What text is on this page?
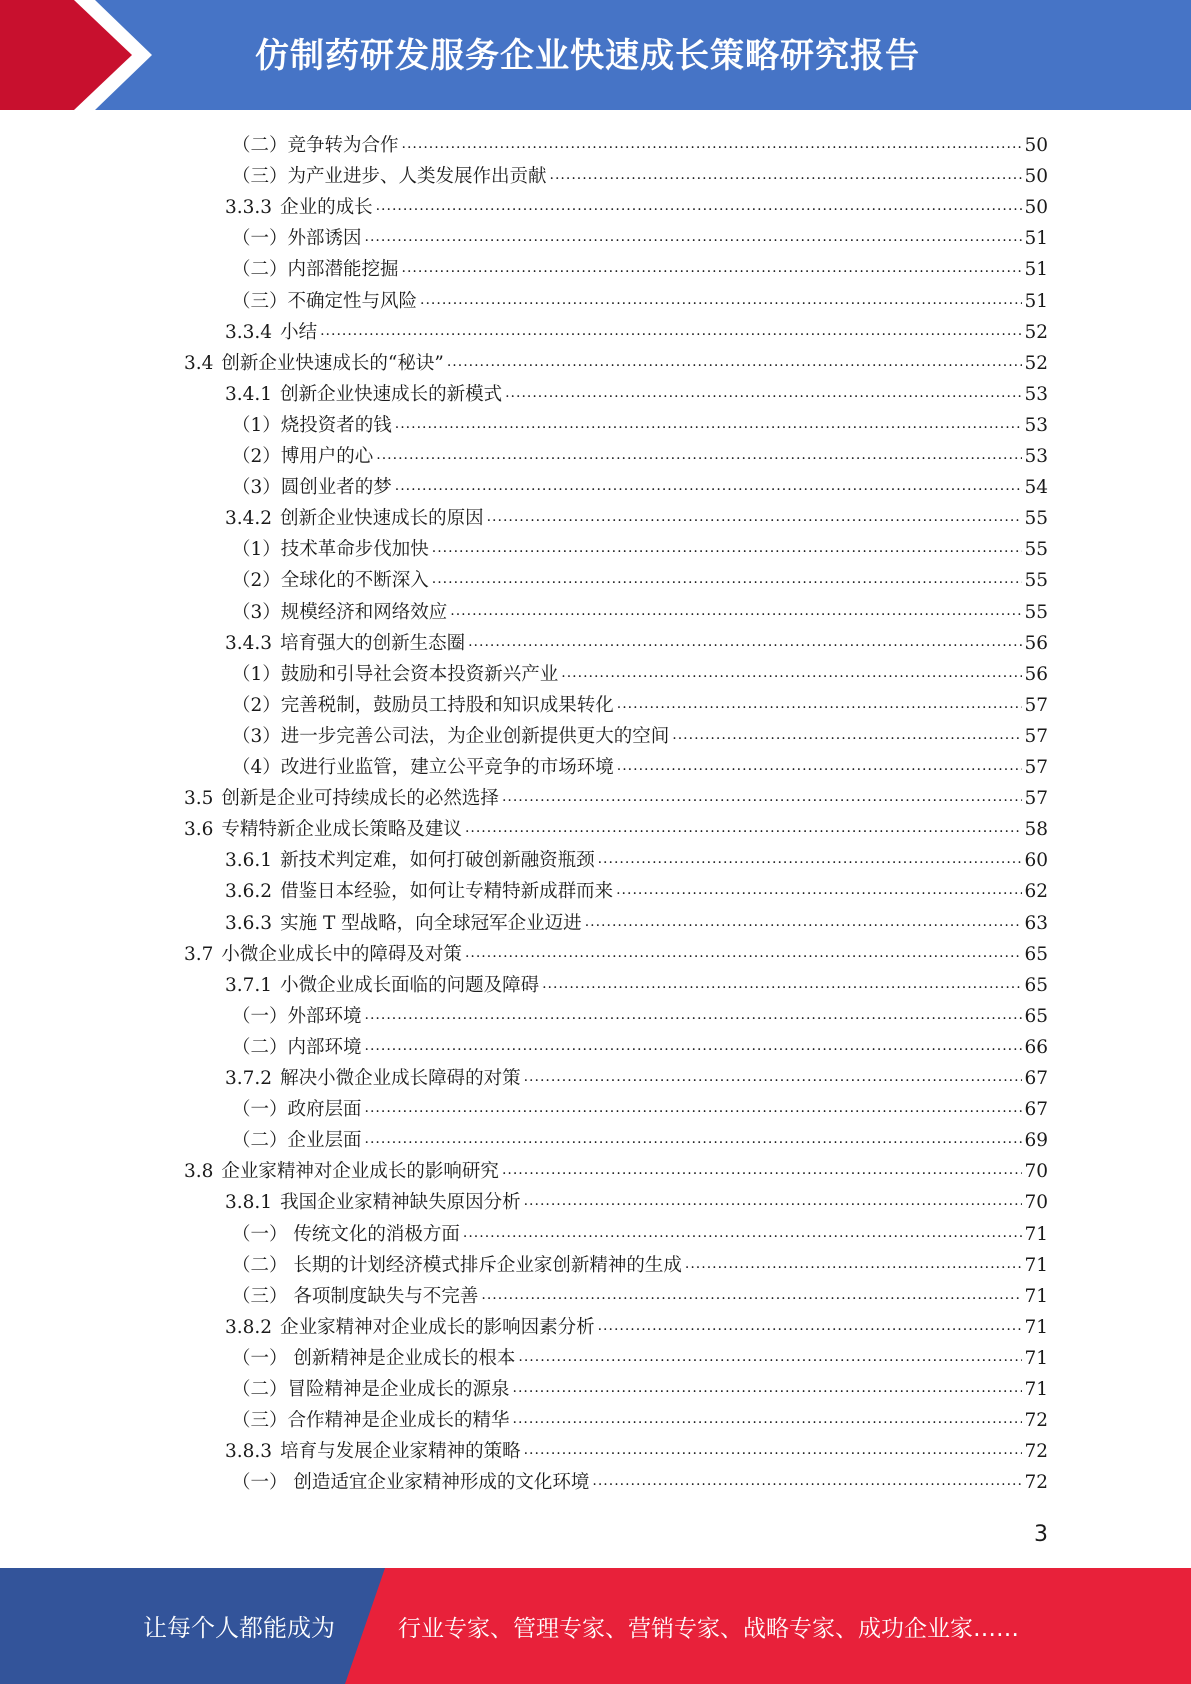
仿制药研发服务企业快速成长策略研究报告
（二）竞争转为合作 .....	50
（三）为产业进步、人类发展作出贡献 .....	50
3.3.3 企业的成长 .....	50
（一）外部诱因 .....	51
（二）内部潜能挖掘 .....	51
（三）不确定性与风险 .....	51
3.3.4 小结 .....	52
3.4 创新企业快速成长的“秘诀” .....	52
3.4.1 创新企业快速成长的新模式 .....	53
（1）烧投资者的钱 .....	53
（2）博用户的心 .....	53
（3）圆创业者的梦 .....	54
3.4.2 创新企业快速成长的原因 .....	55
（1）技术革命步伐加快 .....	55
（2）全球化的不断深入 .....	55
（3）规模经济和网络效应 .....	55
3.4.3 培育强大的创新生态圈 .....	56
（1）鼓励和引导社会资本投资新兴产业 .....	56
（2）完善税制，鼓励员工持股和知识成果转化 .....	57
（3）进一步完善公司法，为企业创新提供更大的空间 .....	57
（4）改进行业监管，建立公平竞争的市场环境 .....	57
3.5 创新是企业可持续成长的必然选择 .....	57
3.6 专精特新企业成长策略及建议 .....	58
3.6.1 新技术判定难，如何打破创新融资瓶颈 .....	60
3.6.2 借鉴日本经验，如何让专精特新成群而来 .....	62
3.6.3 实施 T 型战略，向全球冠军企业迈进 .....	63
3.7 小微企业成长中的障碍及对策 .....	65
3.7.1 小微企业成长面临的问题及障碍 .....	65
（一）外部环境 .....	65
（二）内部环境 .....	66
3.7.2 解决小微企业成长障碍的对策 .....	67
（一）政府层面 .....	67
（二）企业层面 .....	69
3.8 企业家精神对企业成长的影响研究 .....	70
3.8.1 我国企业家精神缺失原因分析 .....	70
（一） 传统文化的消极方面 .....	71
（二） 长期的计划经济模式排斥企业家创新精神的生成 .....	71
（三） 各项制度缺失与不完善 .....	71
3.8.2 企业家精神对企业成长的影响因素分析 .....	71
（一） 创新精神是企业成长的根本 .....	71
（二）冒险精神是企业成长的源泉 .....	71
（三）合作精神是企业成长的精华 .....	72
3.8.3 培育与发展企业家精神的策略 .....	72
（一） 创造适宜企业家精神形成的文化环境 .....	72
3
让每个人都能成为	行业专家、管理专家、营销专家、战略专家、成功企业家……
